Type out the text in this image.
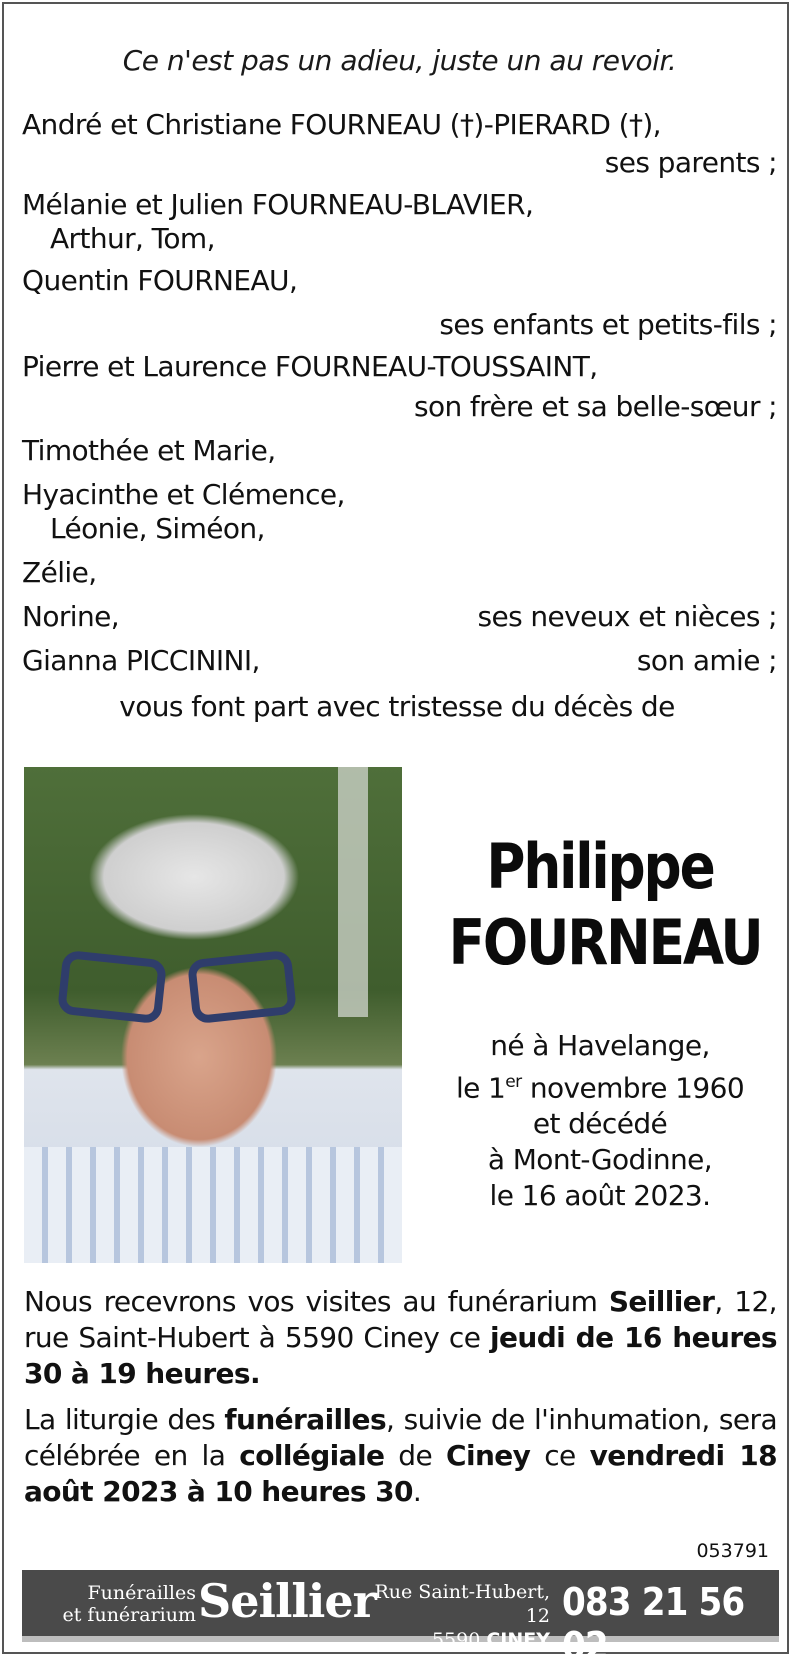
Ce n'est pas un adieu, juste un au revoir.
André et Christiane FOURNEAU (†)-PIERARD (†),
ses parents ;
Mélanie et Julien FOURNEAU-BLAVIER,
Arthur, Tom,
Quentin FOURNEAU,
ses enfants et petits-fils ;
Pierre et Laurence FOURNEAU-TOUSSAINT,
son frère et sa belle-sœur ;
Timothée et Marie,
Hyacinthe et Clémence,
Léonie, Siméon,
Zélie,
Norine,	ses neveux et nièces ;
Gianna PICCININI,	son amie ;
vous font part avec tristesse du décès de
Philippe
FOURNEAU
né à Havelange,
le 1er novembre 1960
et décédé
à Mont-Godinne,
le 16 août 2023.
Nous recevrons vos visites au funérarium Seillier, 12, rue Saint-Hubert à 5590 Ciney ce jeudi de 16 heures 30 à 19 heures.
La liturgie des funérailles, suivie de l'inhumation, sera célébrée en la collégiale de Ciney ce vendredi 18 août 2023 à 10 heures 30.
053791
Funérailles
et funérarium Seillier
Rue Saint-Hubert, 12
5590 CINEY
083 21 56 02
